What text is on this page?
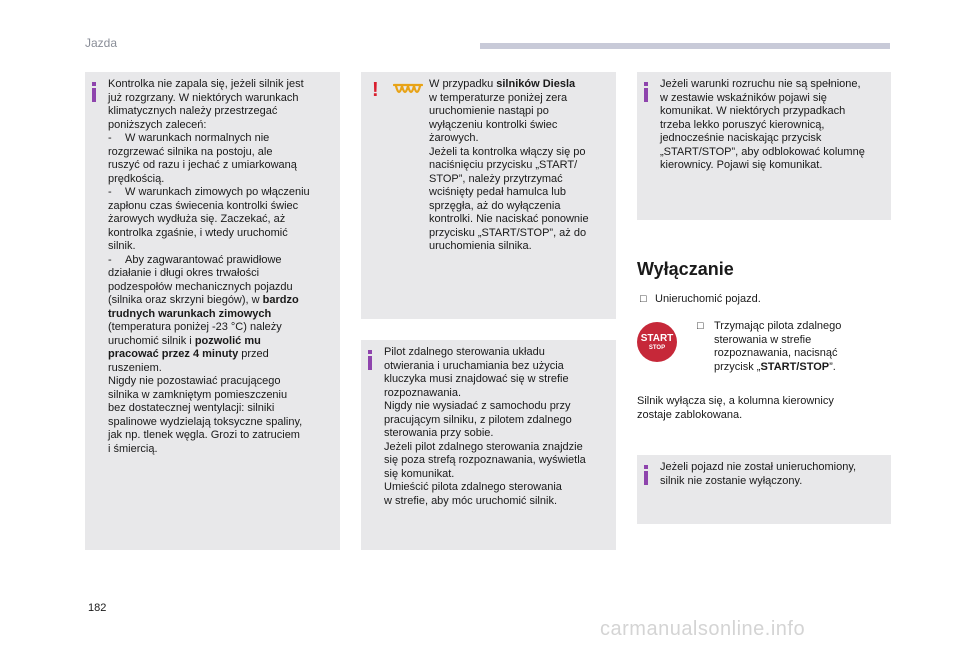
Jazda

Kontrolka nie zapala się, jeżeli silnik jest

już rozgrzany. W niektórych warunkach

klimatycznych należy przestrzegać

poniższych zaleceń:

- W warunkach normalnych nie

rozgrzewać silnika na postoju, ale

ruszyć od razu i jechać z umiarkowaną

prędkością.

- W warunkach zimowych po włączeniu

zapłonu czas świecenia kontrolki świec

żarowych wydłuża się. Zaczekać, aż

kontrolka zgaśnie, i wtedy uruchomić

silnik.

- Aby zagwarantować prawidłowe

działanie i długi okres trwałości

podzespołów mechanicznych pojazdu

(silnika oraz skrzyni biegów), w bardzo

trudnych warunkach zimowych

(temperatura poniżej -23 °C) należy

uruchomić silnik i pozwolić mu

pracować przez 4 minuty przed

ruszeniem.

Nigdy nie pozostawiać pracującego

silnika w zamkniętym pomieszczeniu

bez dostatecznej wentylacji: silniki

spalinowe wydzielają toksyczne spaliny,

jak np. tlenek węgla. Grozi to zatruciem

i śmiercią.

!	W przypadku silników Diesla

w temperaturze poniżej zera

uruchomienie nastąpi po

wyłączeniu kontrolki świec

żarowych.

Jeżeli ta kontrolka włączy się po

naciśnięciu przycisku „START/

STOP”, należy przytrzymać

wciśnięty pedał hamulca lub

sprzęgła, aż do wyłączenia

kontrolki. Nie naciskać ponownie

przycisku „START/STOP”, aż do

uruchomienia silnika.

Pilot zdalnego sterowania układu

otwierania i uruchamiania bez użycia

kluczyka musi znajdować się w strefie

rozpoznawania.

Nigdy nie wysiadać z samochodu przy

pracującym silniku, z pilotem zdalnego

sterowania przy sobie.

Jeżeli pilot zdalnego sterowania znajdzie

się poza strefą rozpoznawania, wyświetla

się komunikat.

Umieścić pilota zdalnego sterowania

w strefie, aby móc uruchomić silnik.

Jeżeli warunki rozruchu nie są spełnione,

w zestawie wskaźników pojawi się

komunikat. W niektórych przypadkach

trzeba lekko poruszyć kierownicą,

jednocześnie naciskając przycisk

„START/STOP”, aby odblokować kolumnę

kierownicy. Pojawi się komunikat.

Wyłączanie
□ Unieruchomić pojazd.
START
STOP
□ Trzymając pilota zdalnego

sterowania w strefie

rozpoznawania, nacisnąć

przycisk „START/STOP”.

Silnik wyłącza się, a kolumna kierownicy

zostaje zablokowana.

Jeżeli pojazd nie został unieruchomiony,

silnik nie zostanie wyłączony.

182
carmanualsonline.info
